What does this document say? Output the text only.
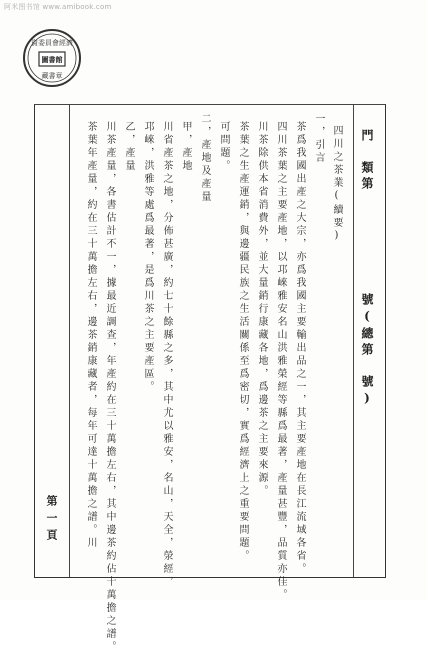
阿米图书馆 www.amibook.com
資委員會經濟
圖書館
藏書章
門　類第
號(總第　號)
四川之茶業(續要)
一，引言
茶爲我國出產之大宗，亦爲我國主要輸出品之一，其主要產地在長江流域各省。
四川茶葉之主要產地，以邛崍雅安名山洪雅榮經等縣爲最著，產量甚豐，品質亦佳。
川茶除供本省消費外，並大量銷行康藏各地，爲邊茶之主要來源。
茶葉之生產運銷，與邊疆民族之生活關係至爲密切，實爲經濟上之重要問題。
可問題。
二，產地及產量
甲，產地
川省產茶之地，分佈甚廣，約七十餘縣之多，其中尤以雅安，名山，天全，滎經，
邛崍，洪雅等處爲最著，是爲川茶之主要產區。
乙，產量
川茶產量，各書估計不一，據最近調查，年產約在三十萬擔左右，其中邊茶約佔十萬擔之譜。
茶葉年產量，約在三十萬擔左右，邊茶銷康藏者，每年可達十萬擔之譜。川
第一頁
